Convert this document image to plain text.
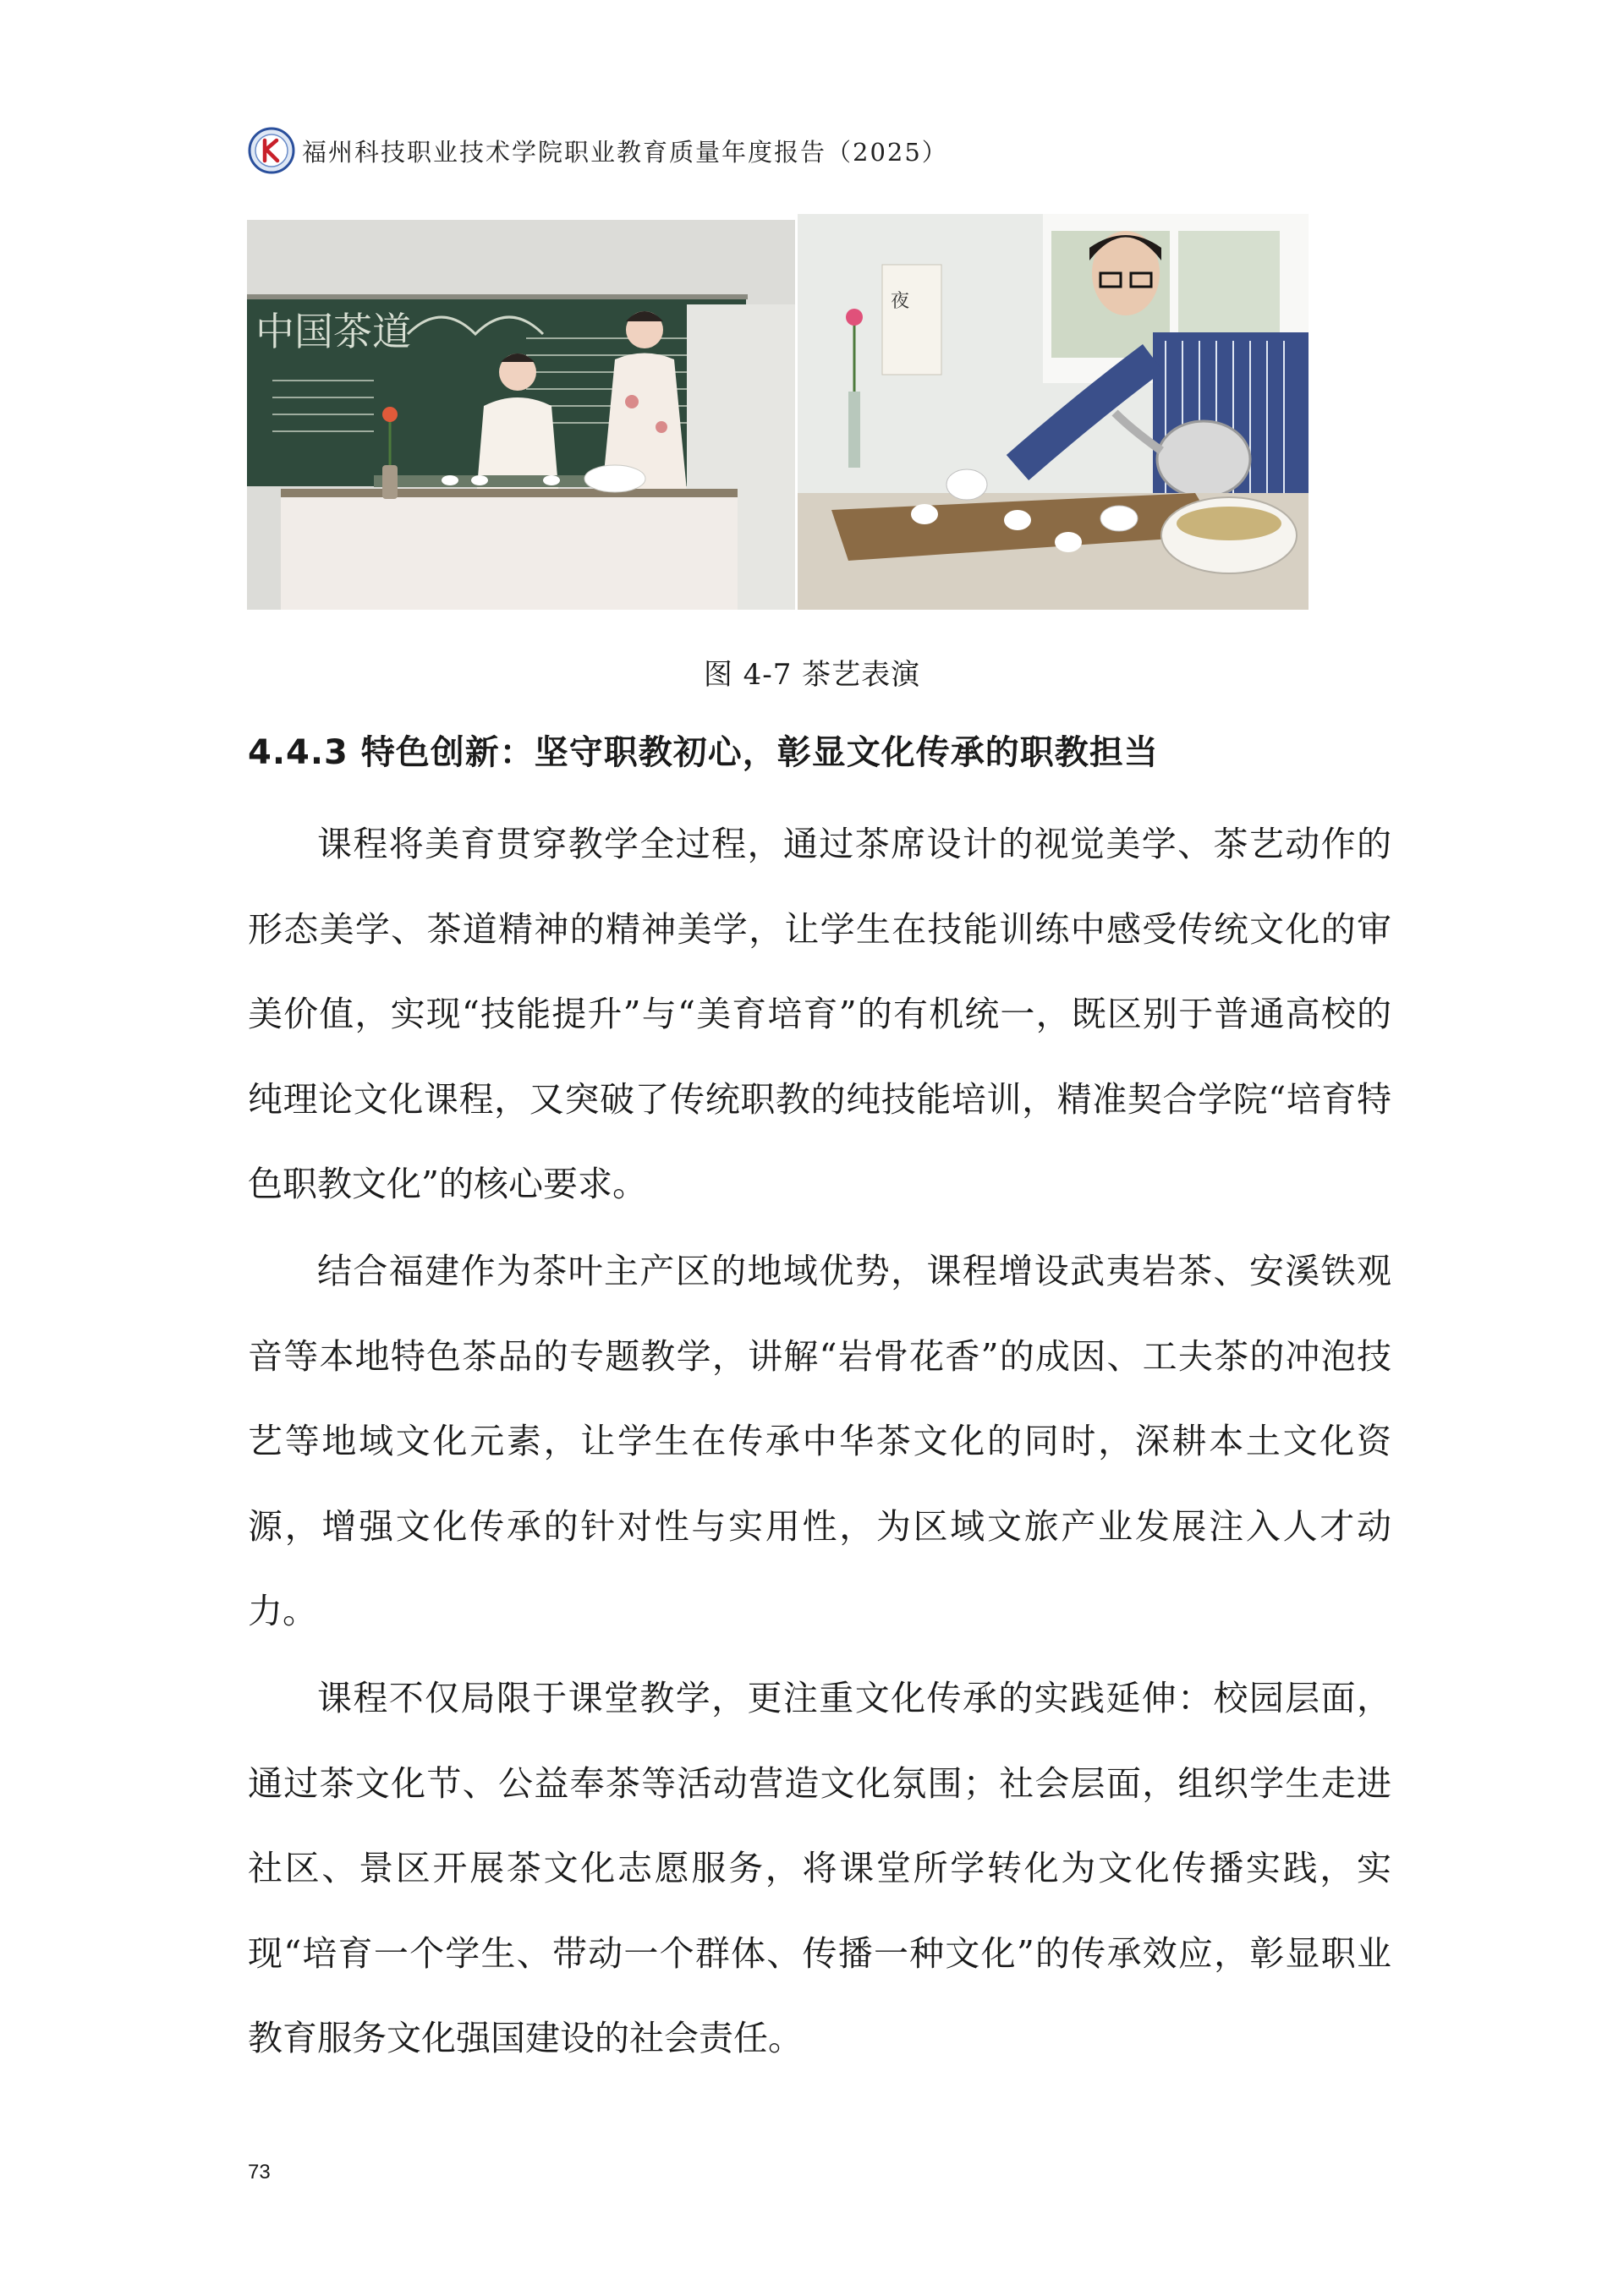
福州科技职业技术学院职业教育质量年度报告（2025）
中国茶道
夜
图 4-7 茶艺表演
4.4.3 特色创新：坚守职教初心，彰显文化传承的职教担当

课程将美育贯穿教学全过程，通过茶席设计的视觉美学、茶艺动作的形态美学、茶道精神的精神美学，让学生在技能训练中感受传统文化的审美价值，实现“技能提升”与“美育培育”的有机统一，既区别于普通高校的纯理论文化课程，又突破了传统职教的纯技能培训，精准契合学院“培育特色职教文化”的核心要求。

结合福建作为茶叶主产区的地域优势，课程增设武夷岩茶、安溪铁观音等本地特色茶品的专题教学，讲解“岩骨花香”的成因、工夫茶的冲泡技艺等地域文化元素，让学生在传承中华茶文化的同时，深耕本土文化资源，增强文化传承的针对性与实用性，为区域文旅产业发展注入人才动力。

课程不仅局限于课堂教学，更注重文化传承的实践延伸：校园层面，通过茶文化节、公益奉茶等活动营造文化氛围；社会层面，组织学生走进社区、景区开展茶文化志愿服务，将课堂所学转化为文化传播实践，实现“培育一个学生、带动一个群体、传播一种文化”的传承效应，彰显职业教育服务文化强国建设的社会责任。

73
